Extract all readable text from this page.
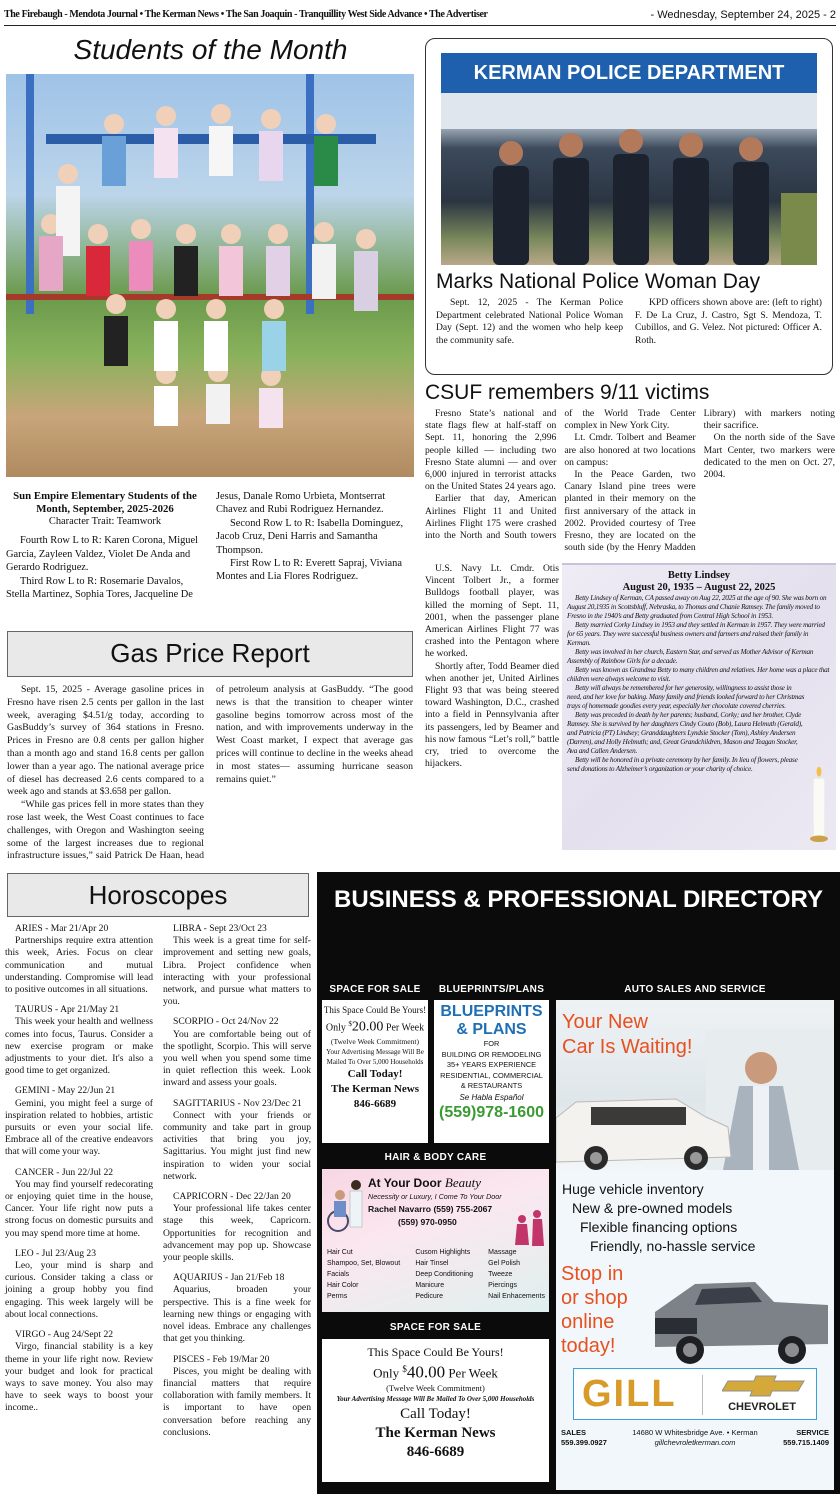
The Firebaugh - Mendota Journal • The Kerman News • The San Joaquin - Tranquillity West Side Advance • The Advertiser	- Wednesday, September 24, 2025 - 2
Students of the Month
Sun Empire Elementary Students of the Month, September, 2025-2026
Character Trait: Teamwork

Fourth Row L to R: Karen Corona, Miguel Garcia, Zayleen Valdez, Violet De Anda and Gerardo Rodriguez.

Third Row L to R: Rosemarie Davalos, Stella Martinez, Sophia Tores, Jacqueline De Jesus, Danale Romo Urbieta, Montserrat Chavez and Rubi Rodriguez Hernandez.

Second Row L to R: Isabella Dominguez, Jacob Cruz, Deni Harris and Samantha Thompson.

First Row L to R: Everett Sapraj, Viviana Montes and Lia Flores Rodriguez.

KERMAN POLICE DEPARTMENT
Marks National Police Woman Day

Sept. 12, 2025 - The Kerman Police Department celebrated National Police Woman Day (Sept. 12) and the women who help keep the community safe.

KPD officers shown above are: (left to right) F. De La Cruz, J. Castro, Sgt S. Mendoza, T. Cubillos, and G. Velez. Not pictured: Officer A. Roth.

CSUF remembers 9/11 victims

Fresno State’s national and state flags flew at half-staff on Sept. 11, honoring the 2,996 people killed — including two Fresno State alumni — and over 6,000 injured in terrorist attacks on the United States 24 years ago.

Earlier that day, American Airlines Flight 11 and United Airlines Flight 175 were crashed into the North and South towers of the World Trade Center complex in New York City.

Lt. Cmdr. Tolbert and Beamer are also honored at two locations on campus:

In the Peace Garden, two Canary Island pine trees were planted in their memory on the first anniversary of the attack in 2002. Provided courtesy of Tree Fresno, they are located on the south side (by the Henry Madden Library) with markers noting their sacrifice.

On the north side of the Save Mart Center, two markers were dedicated to the men on Oct. 27, 2004.

U.S. Navy Lt. Cmdr. Otis Vincent Tolbert Jr., a former Bulldogs football player, was killed the morning of Sept. 11, 2001, when the passenger plane American Airlines Flight 77 was crashed into the Pentagon where he worked.

Shortly after, Todd Beamer died when another jet, United Airlines Flight 93 that was being steered toward Washington, D.C., crashed into a field in Pennsylvania after its passengers, led by Beamer and his now famous “Let’s roll,” battle cry, tried to overcome the hijackers.

Betty Lindsey
August 20, 1935 – August 22, 2025

Betty Lindsey of Kerman, CA passed away on Aug 22, 2025 at the age of 90. She was born on August 20,1935 in Scottsbluff, Nebraska, to Thomas and Chanie Ramsey. The family moved to Fresno in the 1940’s and Betty graduated from Central High School in 1953.

Betty married Corky Lindsey in 1953 and they settled in Kerman in 1957. They were married for 65 years. They were successful business owners and farmers and raised their family in Kerman.

Betty was involved in her church, Eastern Star, and served as Mother Advisor of Kerman Assembly of Rainbow Girls for a decade.

Betty was known as Grandma Betty to many children and relatives. Her home was a place that children were always welcome to visit.

Betty will always be remembered for her generosity, willingness to assist those in need, and her love for baking. Many family and friends looked forward to her Christmas trays of homemade goodies every year, especially her chocolate covered cherries.

Betty was preceded in death by her parents; husband, Corky; and her brother, Clyde Ramsey. She is survived by her daughters Cindy Couto (Bob), Laura Helmuth (Gerald), and Patricia (PT) Lindsey; Granddaughters Lyndsie Stocker (Tom), Ashley Andersen (Darren), and Holly Helmuth; and, Great Grandchildren, Mason and Teagan Stocker, Ava and Callen Andersen.

Betty will be honored in a private ceremony by her family. In lieu of flowers, please send donations to Alzheimer’s organization or your charity of choice.

Gas Price Report

Sept. 15, 2025 - Average gasoline prices in Fresno have risen 2.5 cents per gallon in the last week, averaging $4.51/g today, according to GasBuddy’s survey of 364 stations in Fresno. Prices in Fresno are 0.8 cents per gallon higher than a month ago and stand 16.8 cents per gallon lower than a year ago. The national average price of diesel has decreased 2.6 cents compared to a week ago and stands at $3.658 per gallon.

“While gas prices fell in more states than they rose last week, the West Coast continues to face challenges, with Oregon and Washington seeing some of the largest increases due to regional infrastructure issues,” said Patrick De Haan, head of petroleum analysis at GasBuddy. “The good news is that the transition to cheaper winter gasoline begins tomorrow across most of the nation, and with improvements underway in the West Coast market, I expect that average gas prices will continue to decline in the weeks ahead in most states— assuming hurricane season remains quiet.”

Horoscopes
ARIES - Mar 21/Apr 20
Partnerships require extra attention this week, Aries. Focus on clear communication and mutual understanding. Compromise will lead to positive outcomes in all situations.
TAURUS - Apr 21/May 21
This week your health and wellness comes into focus, Taurus. Consider a new exercise program or make adjustments to your diet. It's also a good time to get organized.
GEMINI - May 22/Jun 21
Gemini, you might feel a surge of inspiration related to hobbies, artistic pursuits or even your social life. Embrace all of the creative endeavors that will come your way.
CANCER - Jun 22/Jul 22
You may find yourself redecorating or enjoying quiet time in the house, Cancer. Your life right now puts a strong focus on domestic pursuits and you may spend more time at home.
LEO - Jul 23/Aug 23
Leo, your mind is sharp and curious. Consider taking a class or joining a group hobby you find engaging. This week largely will be about local connections.
VIRGO - Aug 24/Sept 22
Virgo, financial stability is a key theme in your life right now. Review your budget and look for practical ways to save money. You also may have to seek ways to boost your income..
LIBRA - Sept 23/Oct 23
This week is a great time for self-improvement and setting new goals, Libra. Project confidence when interacting with your professional network, and pursue what matters to you.
SCORPIO - Oct 24/Nov 22
You are comfortable being out of the spotlight, Scorpio. This will serve you well when you spend some time in quiet reflection this week. Look inward and assess your goals.
SAGITTARIUS - Nov 23/Dec 21
Connect with your friends or community and take part in group activities that bring you joy, Sagittarius. You might just find new inspiration to widen your social network.
CAPRICORN - Dec 22/Jan 20
Your professional life takes center stage this week, Capricorn. Opportunities for recognition and advancement may pop up. Showcase your people skills.
AQUARIUS - Jan 21/Feb 18
Aquarius, broaden your perspective. This is a fine week for learning new things or engaging with novel ideas. Embrace any challenges that get you thinking.
PISCES - Feb 19/Mar 20
Pisces, you might be dealing with financial matters that require collaboration with family members. It is important to have open conversation before reaching any conclusions.
BUSINESS & PROFESSIONAL DIRECTORY
SPACE FOR SALE	BLUEPRINTS/PLANS	AUTO SALES AND SERVICE
HAIR & BODY CARE
SPACE FOR SALE
This Space Could Be Yours!
Only $20.00 Per Week
(Twelve Week Commitment)
Your Advertising Message Will Be
Mailed To Over 5,000 Households
Call Today!
The Kerman News
846-6689
BLUEPRINTS
& PLANS
FOR
BUILDING OR REMODELING
35+ YEARS EXPERIENCE
RESIDENTIAL, COMMERCIAL
& RESTAURANTS
Se Habla Español
(559)978-1600
Your New
Car Is Waiting!
Huge vehicle inventory
New & pre-owned models
Flexible financing options
Friendly, no-hassle service
Stop in
or shop
online
today!
GILL	CHEVROLET
SALES
559.399.0927
14680 W Whitesbridge Ave. • Kerman
gillchevroletkerman.com
SERVICE
559.715.1409
At Your Door Beauty
Necessity or Luxury, I Come To Your Door
Rachel Navarro (559) 755-2067
(559) 970-0950
Hair Cut
Shampoo, Set, Blowout
Facials
Hair Color
Perms
Cusom Highlights
Hair Tinsel
Deep Conditioning
Manicure
Pedicure
Massage
Gel Polish
Tweeze
Piercings
Nail Enhacements
This Space Could Be Yours!
Only $40.00 Per Week
(Twelve Week Commitment)
Your Advertising Message Will Be Mailed To Over 5,000 Households
Call Today!
The Kerman News
846-6689
